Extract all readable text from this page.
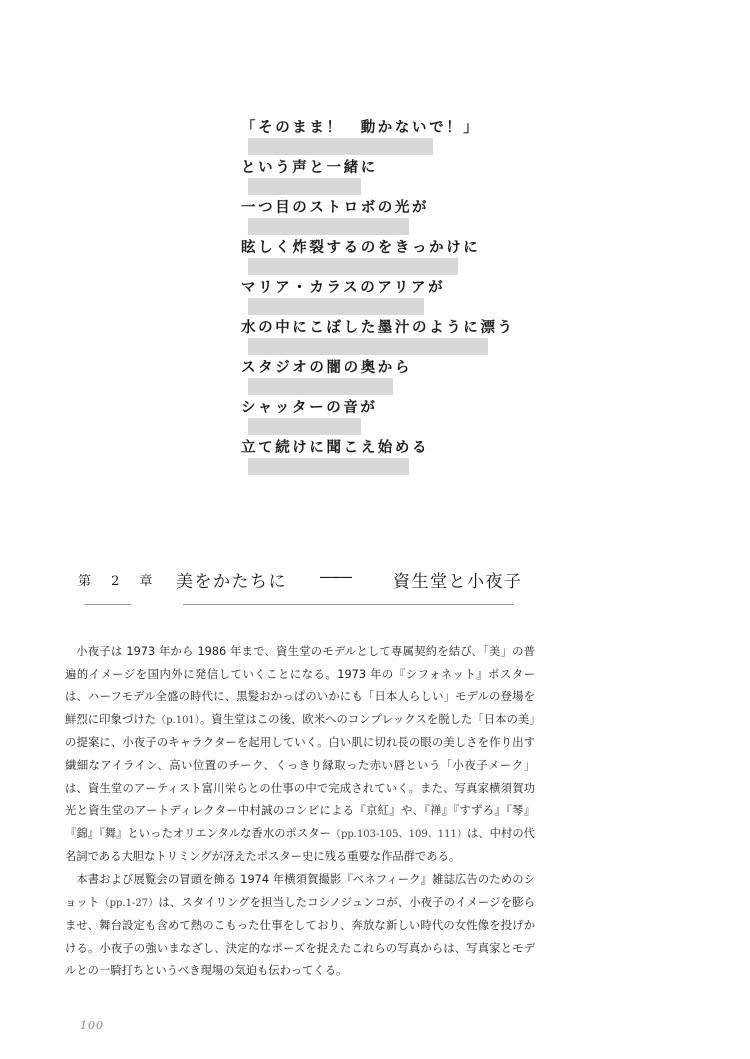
「そのまま！　動かないで！」
という声と一緒に
一つ目のストロボの光が
眩しく炸裂するのをきっかけに
マリア・カラスのアリアが
水の中にこぼした墨汁のように漂う
スタジオの闇の奥から
シャッターの音が
立て続けに聞こえ始める
第 2 章 美をかたちに ――	資生堂と小夜子

小夜子は 1973 年から 1986 年まで、資生堂のモデルとして専属契約を結び、「美」の普遍的イメージを国内外に発信していくことになる。1973 年の『シフォネット』ポスターは、ハーフモデル全盛の時代に、黒髪おかっぱのいかにも「日本人らしい」モデルの登場を鮮烈に印象づけた（p.101）。資生堂はこの後、欧米へのコンプレックスを脱した「日本の美」の提案に、小夜子のキャラクターを起用していく。白い肌に切れ長の眼の美しさを作り出す繊細なアイライン、高い位置のチーク、くっきり縁取った赤い唇という「小夜子メーク」は、資生堂のアーティスト富川栄らとの仕事の中で完成されていく。また、写真家横須賀功光と資生堂のアートディレクター中村誠のコンビによる『京紅』や、『禅』『すずろ』『琴』『錦』『舞』といったオリエンタルな香水のポスター（pp.103-105、109、111）は、中村の代名詞である大胆なトリミングが冴えたポスター史に残る重要な作品群である。

本書および展覧会の冒頭を飾る 1974 年横須賀撮影『ベネフィーク』雑誌広告のためのショット（pp.1-27）は、スタイリングを担当したコシノジュンコが、小夜子のイメージを膨らませ、舞台設定も含めて熱のこもった仕事をしており、奔放な新しい時代の女性像を投げかける。小夜子の強いまなざし、決定的なポーズを捉えたこれらの写真からは、写真家とモデルとの一騎打ちというべき現場の気迫も伝わってくる。

100
